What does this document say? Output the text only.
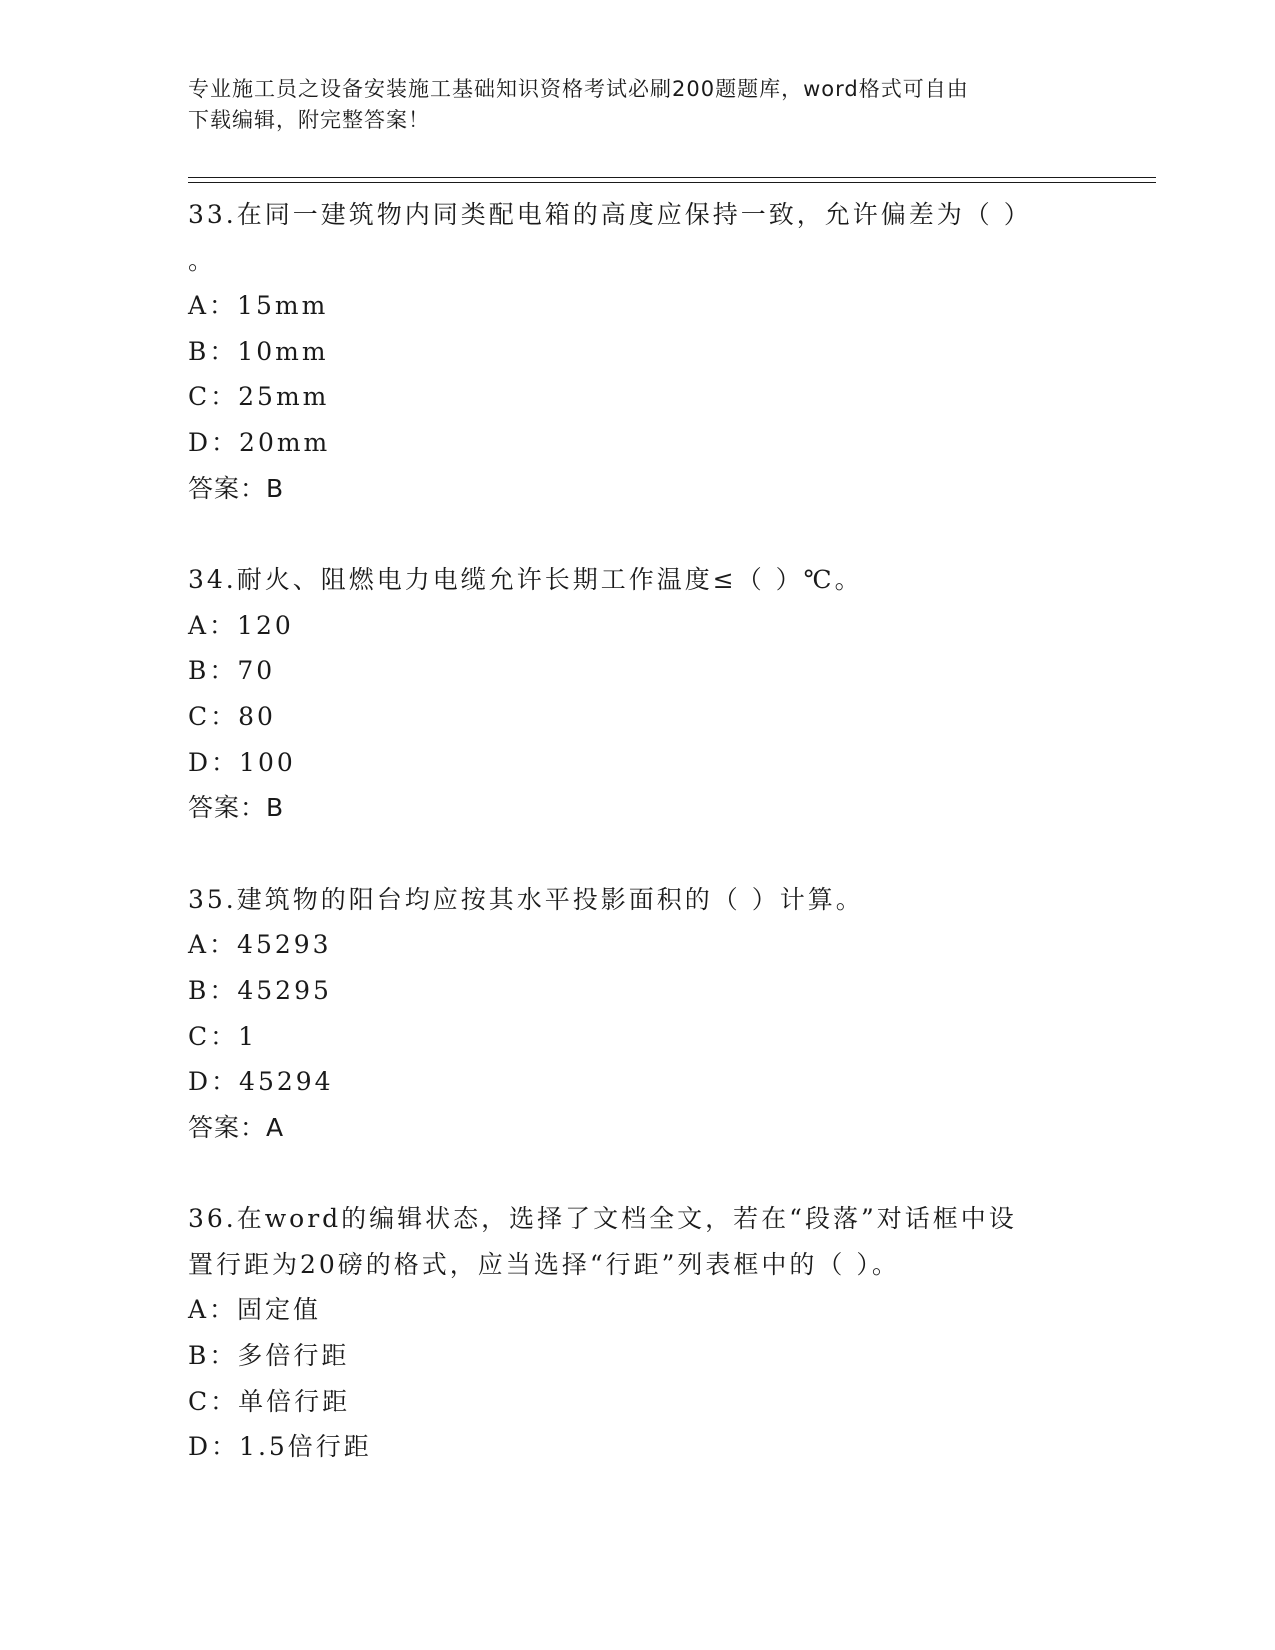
专业施工员之设备安装施工基础知识资格考试必刷200题题库，word格式可自由
下载编辑，附完整答案！
33.在同一建筑物内同类配电箱的高度应保持一致，允许偏差为（ ）
。
A：15mm
B：10mm
C：25mm
D：20mm
答案：B
34.耐火、阻燃电力电缆允许长期工作温度≤（ ）℃。
A：120
B：70
C：80
D：100
答案：B
35.建筑物的阳台均应按其水平投影面积的（ ）计算。
A：45293
B：45295
C：1
D：45294
答案：A
36.在word的编辑状态，选择了文档全文，若在“段落”对话框中设
置行距为20磅的格式，应当选择“行距”列表框中的（ ）。
A：固定值
B：多倍行距
C：单倍行距
D：1.5倍行距
